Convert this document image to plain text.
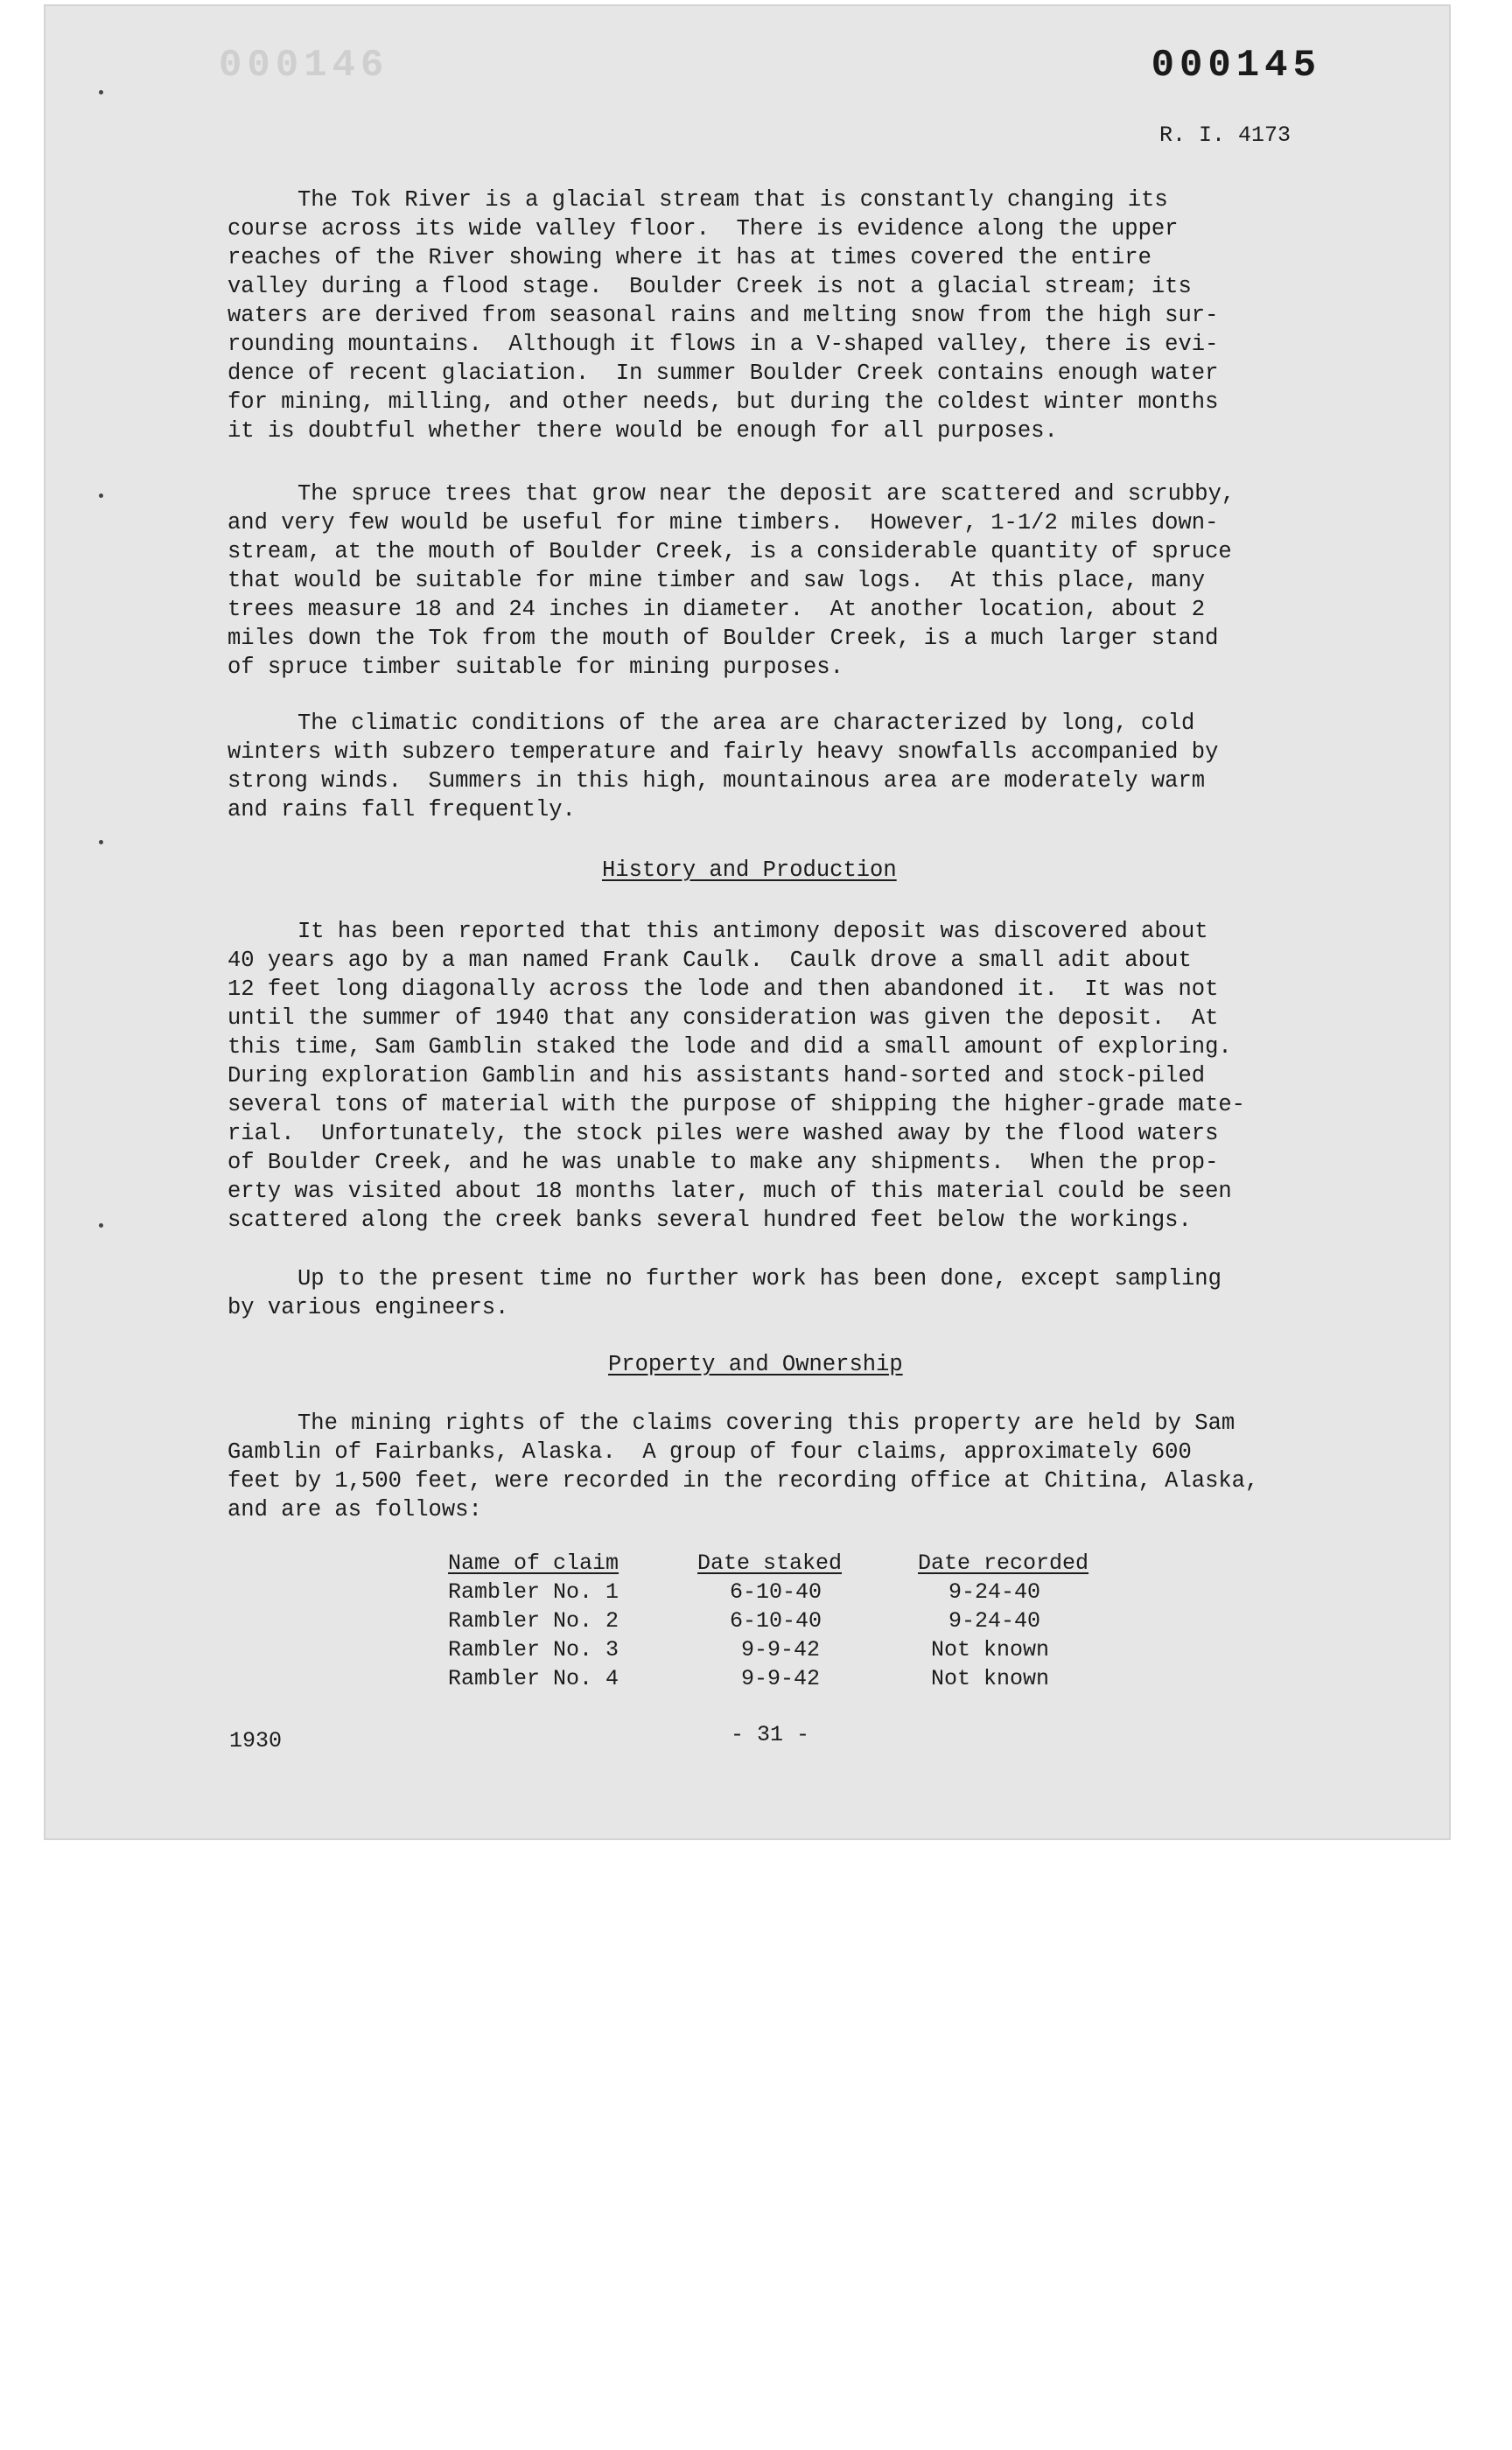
000146	000145
R. I. 4173

The Tok River is a glacial stream that is constantly changing its
course across its wide valley floor.  There is evidence along the upper
reaches of the River showing where it has at times covered the entire
valley during a flood stage.  Boulder Creek is not a glacial stream; its
waters are derived from seasonal rains and melting snow from the high sur-
rounding mountains.  Although it flows in a V-shaped valley, there is evi-
dence of recent glaciation.  In summer Boulder Creek contains enough water
for mining, milling, and other needs, but during the coldest winter months
it is doubtful whether there would be enough for all purposes.

The spruce trees that grow near the deposit are scattered and scrubby,
and very few would be useful for mine timbers.  However, 1-1/2 miles down-
stream, at the mouth of Boulder Creek, is a considerable quantity of spruce
that would be suitable for mine timber and saw logs.  At this place, many
trees measure 18 and 24 inches in diameter.  At another location, about 2
miles down the Tok from the mouth of Boulder Creek, is a much larger stand
of spruce timber suitable for mining purposes.

The climatic conditions of the area are characterized by long, cold
winters with subzero temperature and fairly heavy snowfalls accompanied by
strong winds.  Summers in this high, mountainous area are moderately warm
and rains fall frequently.

History and Production

It has been reported that this antimony deposit was discovered about
40 years ago by a man named Frank Caulk.  Caulk drove a small adit about
12 feet long diagonally across the lode and then abandoned it.  It was not
until the summer of 1940 that any consideration was given the deposit.  At
this time, Sam Gamblin staked the lode and did a small amount of exploring.
During exploration Gamblin and his assistants hand-sorted and stock-piled
several tons of material with the purpose of shipping the higher-grade mate-
rial.  Unfortunately, the stock piles were washed away by the flood waters
of Boulder Creek, and he was unable to make any shipments.  When the prop-
erty was visited about 18 months later, much of this material could be seen
scattered along the creek banks several hundred feet below the workings.

Up to the present time no further work has been done, except sampling
by various engineers.

Property and Ownership

The mining rights of the claims covering this property are held by Sam
Gamblin of Fairbanks, Alaska.  A group of four claims, approximately 600
feet by 1,500 feet, were recorded in the recording office at Chitina, Alaska,
and are as follows:

Name of claim	Date staked	Date recorded
Rambler No. 1	6-10-40	9-24-40
Rambler No. 2	6-10-40	9-24-40
Rambler No. 3	9-9-42	Not known
Rambler No. 4	9-9-42	Not known
1930	- 31 -
